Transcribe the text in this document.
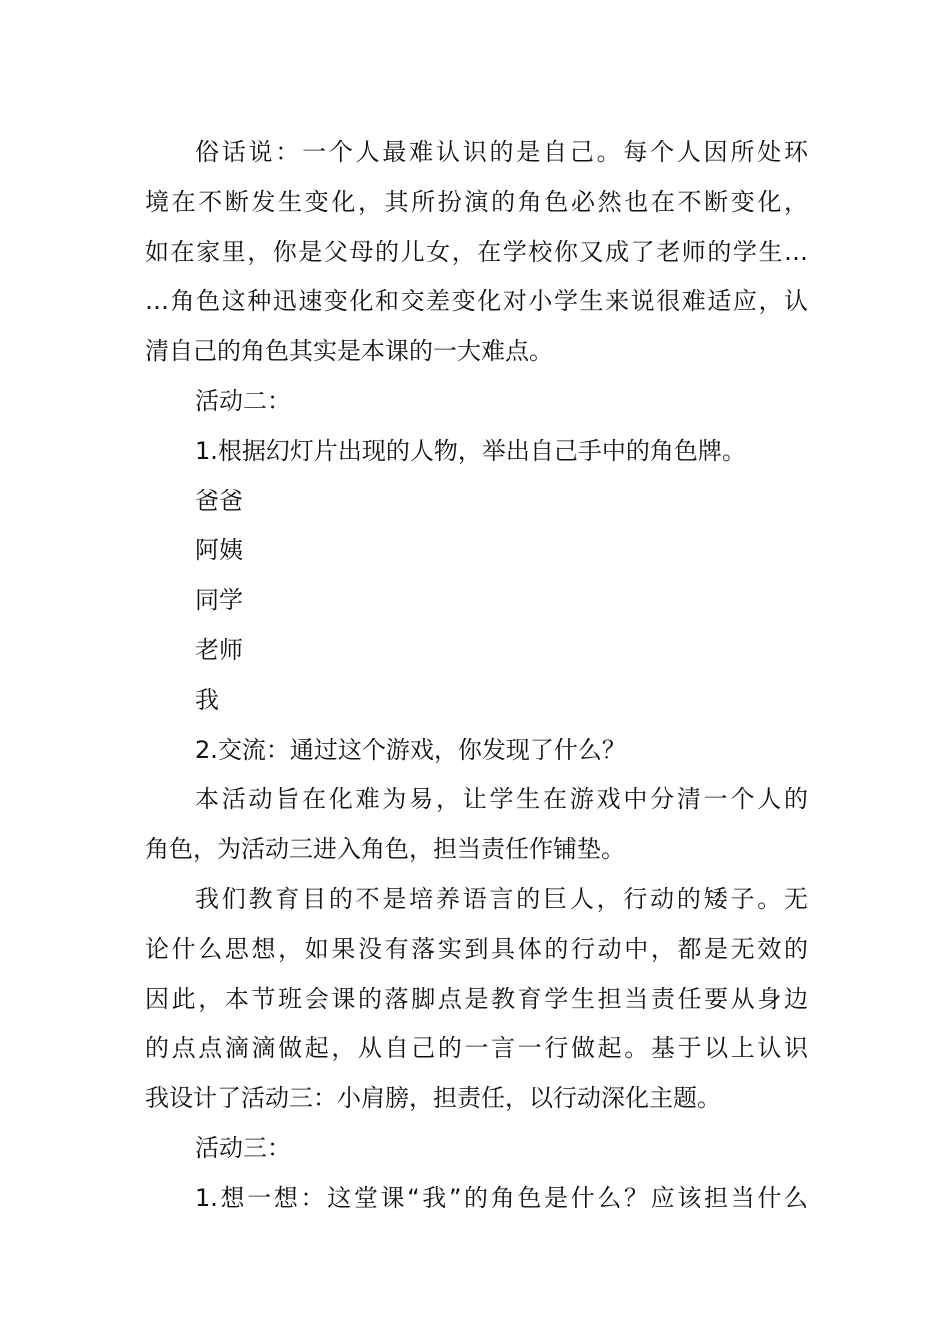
俗话说：一个人最难认识的是自己。每个人因所处环
境在不断发生变化，其所扮演的角色必然也在不断变化，
如在家里，你是父母的儿女，在学校你又成了老师的学生…
…角色这种迅速变化和交差变化对小学生来说很难适应，认
清自己的角色其实是本课的一大难点。
活动二：
1.根据幻灯片出现的人物，举出自己手中的角色牌。
爸爸
阿姨
同学
老师
我
2.交流：通过这个游戏，你发现了什么？
本活动旨在化难为易，让学生在游戏中分清一个人的
角色，为活动三进入角色，担当责任作铺垫。
我们教育目的不是培养语言的巨人，行动的矮子。无
论什么思想，如果没有落实到具体的行动中，都是无效的
因此，本节班会课的落脚点是教育学生担当责任要从身边
的点点滴滴做起，从自己的一言一行做起。基于以上认识
我设计了活动三：小肩膀，担责任，以行动深化主题。
活动三：
1.想一想：这堂课“我”的角色是什么？应该担当什么
